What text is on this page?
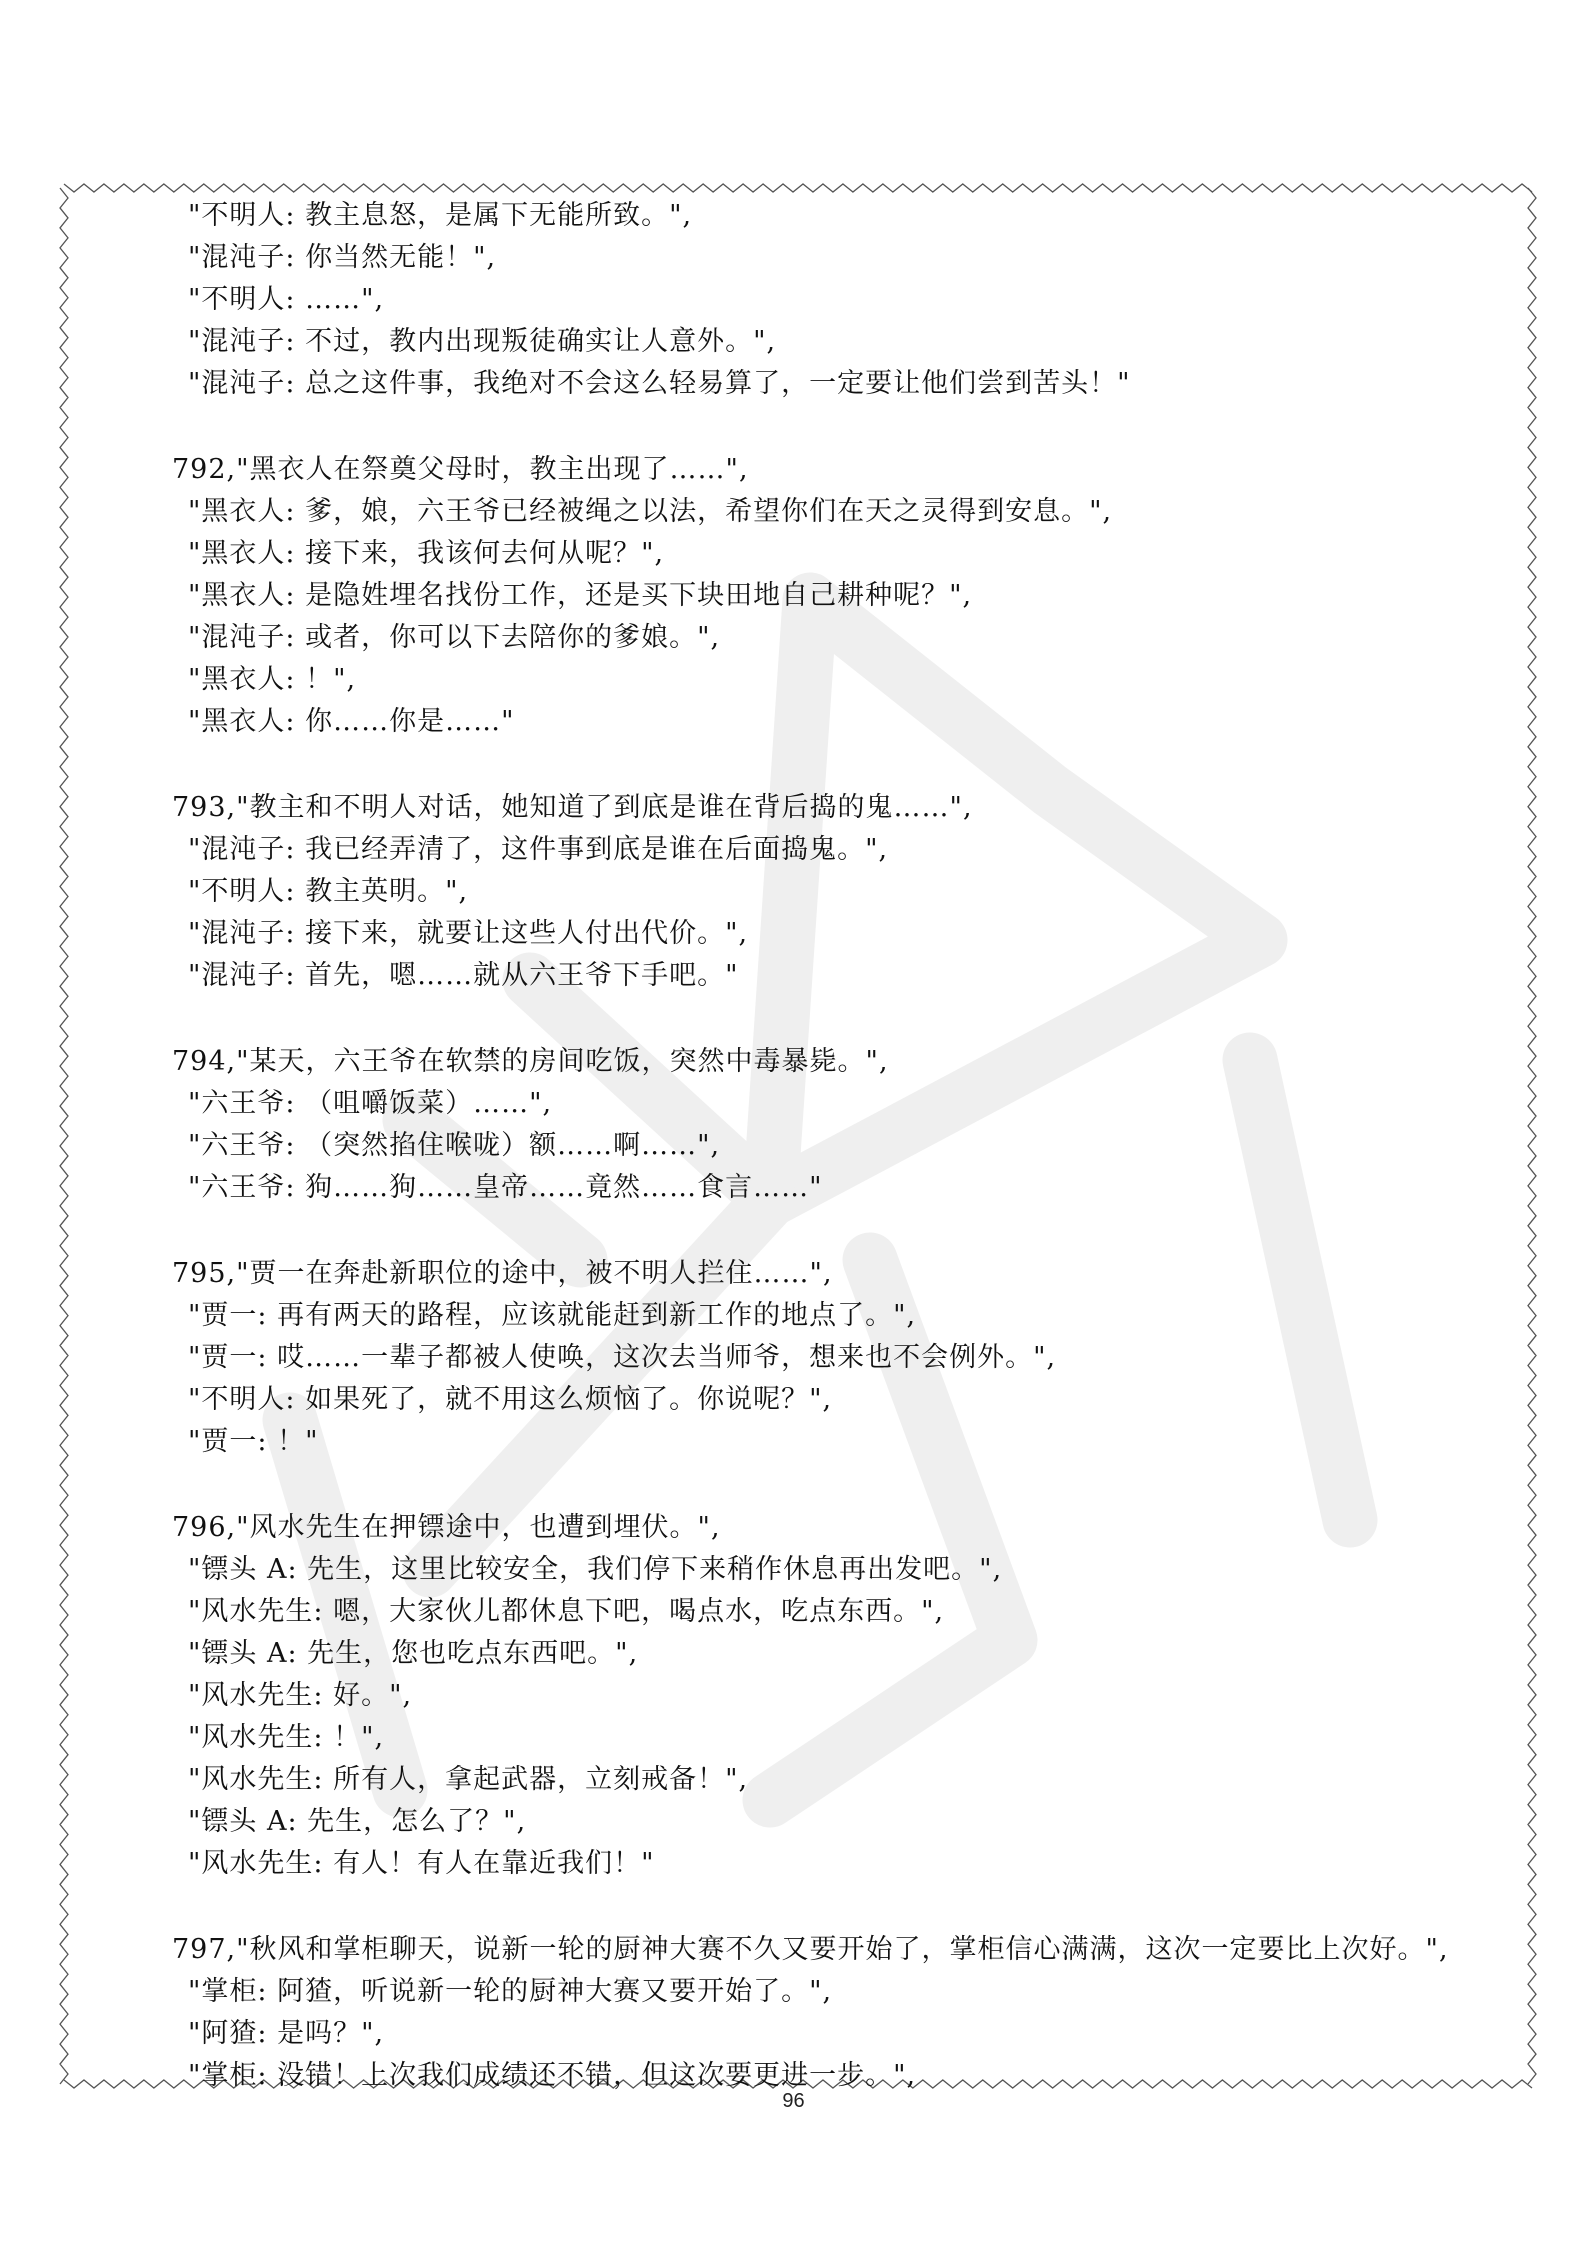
"不明人: 教主息怒，是属下无能所致。",
"混沌子: 你当然无能！",
"不明人: ……",
"混沌子: 不过，教内出现叛徒确实让人意外。",
"混沌子: 总之这件事，我绝对不会这么轻易算了，一定要让他们尝到苦头！"
792,"黑衣人在祭奠父母时，教主出现了……",
"黑衣人: 爹，娘，六王爷已经被绳之以法，希望你们在天之灵得到安息。",
"黑衣人: 接下来，我该何去何从呢？",
"黑衣人: 是隐姓埋名找份工作，还是买下块田地自己耕种呢？",
"混沌子: 或者，你可以下去陪你的爹娘。",
"黑衣人: ！",
"黑衣人: 你……你是……"
793,"教主和不明人对话，她知道了到底是谁在背后捣的鬼……",
"混沌子: 我已经弄清了，这件事到底是谁在后面捣鬼。",
"不明人: 教主英明。",
"混沌子: 接下来，就要让这些人付出代价。",
"混沌子: 首先，嗯……就从六王爷下手吧。"
794,"某天，六王爷在软禁的房间吃饭，突然中毒暴毙。",
"六王爷: （咀嚼饭菜）……",
"六王爷: （突然掐住喉咙）额……啊……",
"六王爷: 狗……狗……皇帝……竟然……食言……"
795,"贾一在奔赴新职位的途中，被不明人拦住……",
"贾一: 再有两天的路程，应该就能赶到新工作的地点了。",
"贾一: 哎……一辈子都被人使唤，这次去当师爷，想来也不会例外。",
"不明人: 如果死了，就不用这么烦恼了。你说呢？",
"贾一: ！"
796,"风水先生在押镖途中，也遭到埋伏。",
"镖头 A: 先生，这里比较安全，我们停下来稍作休息再出发吧。",
"风水先生: 嗯，大家伙儿都休息下吧，喝点水，吃点东西。",
"镖头 A: 先生，您也吃点东西吧。",
"风水先生: 好。",
"风水先生: ！",
"风水先生: 所有人，拿起武器，立刻戒备！",
"镖头 A: 先生，怎么了？",
"风水先生: 有人！有人在靠近我们！"
797,"秋风和掌柜聊天，说新一轮的厨神大赛不久又要开始了，掌柜信心满满，这次一定要比上次好。",
"掌柜: 阿猹，听说新一轮的厨神大赛又要开始了。",
"阿猹: 是吗？",
"掌柜: 没错！上次我们成绩还不错，但这次要更进一步。",
96
